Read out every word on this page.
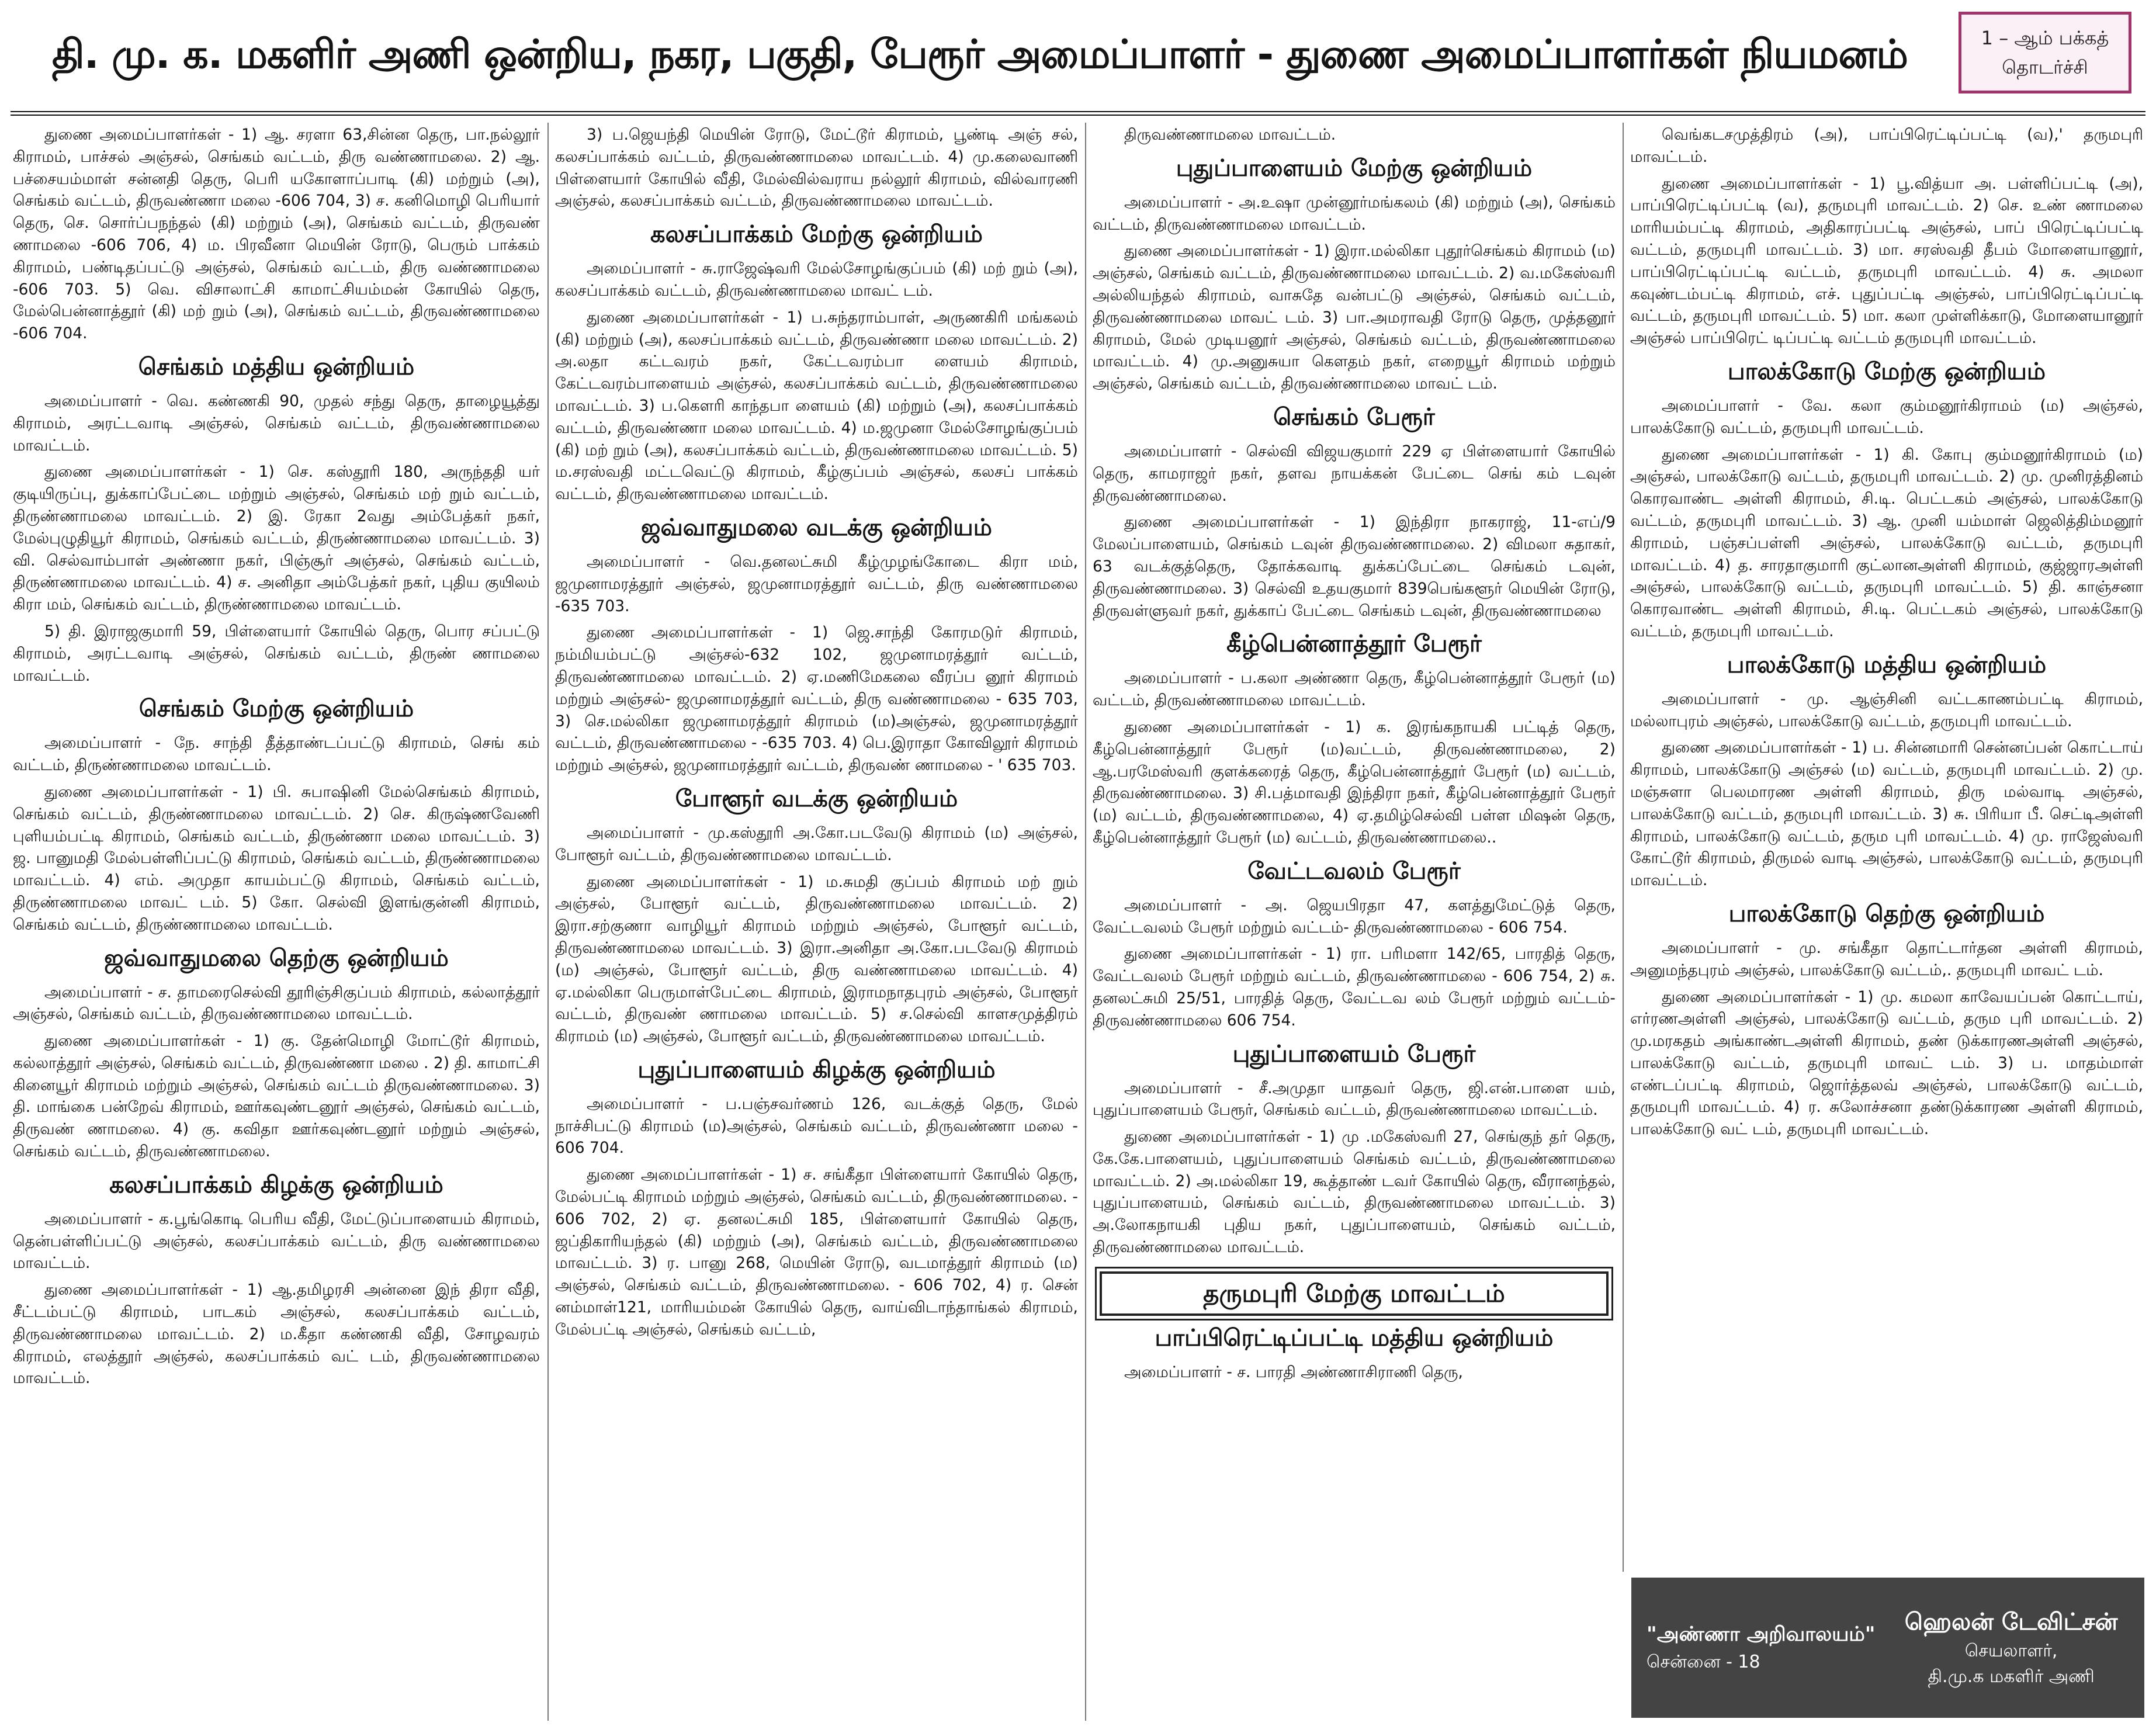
தி. மு. க. மகளிர் அணி ஒன்றிய, நகர, பகுதி, பேரூர் அமைப்பாளர் - துணை அமைப்பாளர்கள் நியமனம்	1 – ஆம் பக்கத்
தொடர்ச்சி

துணை அமைப்பாளர்கள் - 1) ஆ. சரளா 63,சின்ன தெரு, பா.நல்லூர் கிராமம், பாச்சல் அஞ்சல், செங்கம் வட்டம், திரு வண்ணாமலை. 2) ஆ. பச்சையம்மாள் சன்னதி தெரு, பெரி யகோளாப்பாடி (கி) மற்றும் (அ), செங்கம் வட்டம், திருவண்ணா மலை -606 704, 3) ச. கனிமொழி பெரியார் தெரு, செ. சொர்ப்பநந்தல் (கி) மற்றும் (அ), செங்கம் வட்டம், திருவண் ணாமலை -606 706, 4) ம. பிரவீனா மெயின் ரோடு, பெரும் பாக்கம் கிராமம், பண்டிதப்பட்டு அஞ்சல், செங்கம் வட்டம், திரு வண்ணாமலை -606 703. 5) வெ. விசாலாட்சி காமாட்சியம்மன் கோயில் தெரு, மேல்பென்னாத்தூர் (கி) மற் றும் (அ), செங்கம் வட்டம், திருவண்ணாமலை -606 704.

செங்கம் மத்திய ஒன்றியம்

அமைப்பாளர் - வெ. கண்ணகி 90, முதல் சந்து தெரு, தாழையூத்து கிராமம், அரட்டவாடி அஞ்சல், செங்கம் வட்டம், திருவண்ணாமலை மாவட்டம்.

துணை அமைப்பாளர்கள் - 1) செ. கஸ்தூரி 180, அருந்ததி யர் குடியிருப்பு, துக்காப்பேட்டை மற்றும் அஞ்சல், செங்கம் மற் றும் வட்டம், திருண்ணாமலை மாவட்டம். 2) இ. ரேகா 2வது அம்பேத்கர் நகர், மேல்புழுதியூர் கிராமம், செங்கம் வட்டம், திருண்ணாமலை மாவட்டம். 3) வி. செல்வாம்பாள் அண்ணா நகர், பிஞ்சூர் அஞ்சல், செங்கம் வட்டம், திருண்ணாமலை மாவட்டம். 4) ச. அனிதா அம்பேத்கர் நகர், புதிய குயிலம் கிரா மம், செங்கம் வட்டம், திருண்ணாமலை மாவட்டம்.

5) தி. இராஜகுமாரி 59, பிள்ளையார் கோயில் தெரு, பொர சப்பட்டு கிராமம், அரட்டவாடி அஞ்சல், செங்கம் வட்டம், திருண் ணாமலை மாவட்டம்.

செங்கம் மேற்கு ஒன்றியம்

அமைப்பாளர் - நே. சாந்தி தீத்தாண்டப்பட்டு கிராமம், செங் கம் வட்டம், திருண்ணாமலை மாவட்டம்.

துணை அமைப்பாளர்கள் - 1) பி. சுபாஷினி மேல்செங்கம் கிராமம், செங்கம் வட்டம், திருண்ணாமலை மாவட்டம். 2) செ. கிருஷ்ணவேணி புளியம்பட்டி கிராமம், செங்கம் வட்டம், திருண்ணா மலை மாவட்டம். 3) ஜ. பானுமதி மேல்பள்ளிப்பட்டு கிராமம், செங்கம் வட்டம், திருண்ணாமலை மாவட்டம். 4) எம். அமுதா காயம்பட்டு கிராமம், செங்கம் வட்டம், திருண்ணாமலை மாவட் டம். 5) கோ. செல்வி இளங்குன்னி கிராமம், செங்கம் வட்டம், திருண்ணாமலை மாவட்டம்.

ஜவ்வாதுமலை தெற்கு ஒன்றியம்

அமைப்பாளர் - ச. தாமரைசெல்வி தூரிஞ்சிகுப்பம் கிராமம், கல்லாத்தூர் அஞ்சல், செங்கம் வட்டம், திருவண்ணாமலை மாவட்டம்.

துணை அமைப்பாளர்கள் - 1) கு. தேன்மொழி மோட்டூர் கிராமம், கல்லாத்தூர் அஞ்சல், செங்கம் வட்டம், திருவண்ணா மலை . 2) தி. காமாட்சி கினையூர் கிராமம் மற்றும் அஞ்சல், செங்கம் வட்டம் திருவண்ணாமலை. 3) தி. மாங்கை பன்றேவ் கிராமம், ஊர்கவுண்டனூர் அஞ்சல், செங்கம் வட்டம், திருவண் ணாமலை. 4) கு. கவிதா ஊர்கவுண்டனூர் மற்றும் அஞ்சல், செங்கம் வட்டம், திருவண்ணாமலை.

கலசப்பாக்கம் கிழக்கு ஒன்றியம்

அமைப்பாளர் - க.பூங்கொடி பெரிய வீதி, மேட்டுப்பாளையம் கிராமம், தென்பள்ளிப்பட்டு அஞ்சல், கலசப்பாக்கம் வட்டம், திரு வண்ணாமலை மாவட்டம்.

துணை அமைப்பாளர்கள் - 1) ஆ.தமிழரசி அன்னை இந் திரா வீதி, சீட்டம்பட்டு கிராமம், பாடகம் அஞ்சல், கலசப்பாக்கம் வட்டம், திருவண்ணாமலை மாவட்டம். 2) ம.கீதா கண்ணகி வீதி, சோழவரம் கிராமம், எலத்தூர் அஞ்சல், கலசப்பாக்கம் வட் டம், திருவண்ணாமலை மாவட்டம்.

3) ப.ஜெயந்தி மெயின் ரோடு, மேட்டூர் கிராமம், பூண்டி அஞ் சல், கலசப்பாக்கம் வட்டம், திருவண்ணாமலை மாவட்டம். 4) மு.கலைவாணி பிள்ளையார் கோயில் வீதி, மேல்வில்வராய நல்லூர் கிராமம், வில்வாரணி அஞ்சல், கலசப்பாக்கம் வட்டம், திருவண்ணாமலை மாவட்டம்.

கலசப்பாக்கம் மேற்கு ஒன்றியம்

அமைப்பாளர் - சு.ராஜேஷ்வரி மேல்சோழங்குப்பம் (கி) மற் றும் (அ), கலசப்பாக்கம் வட்டம், திருவண்ணாமலை மாவட் டம்.

துணை அமைப்பாளர்கள் - 1) ப.சுந்தராம்பாள், அருணகிரி மங்கலம் (கி) மற்றும் (அ), கலசப்பாக்கம் வட்டம், திருவண்ணா மலை மாவட்டம். 2) அ.லதா கட்டவரம் நகர், கேட்டவரம்பா ளையம் கிராமம், கேட்டவரம்பாளையம் அஞ்சல், கலசப்பாக்கம் வட்டம், திருவண்ணாமலை மாவட்டம். 3) ப.கௌரி காந்தபா ளையம் (கி) மற்றும் (அ), கலசப்பாக்கம் வட்டம், திருவண்ணா மலை மாவட்டம். 4) ம.ஜமுனா மேல்சோழங்குப்பம் (கி) மற் றும் (அ), கலசப்பாக்கம் வட்டம், திருவண்ணாமலை மாவட்டம். 5) ம.சரஸ்வதி மட்டவெட்டு கிராமம், கீழ்குப்பம் அஞ்சல், கலசப் பாக்கம் வட்டம், திருவண்ணாமலை மாவட்டம்.

ஜவ்வாதுமலை வடக்கு ஒன்றியம்

அமைப்பாளர் - வெ.தனலட்சுமி கீழ்முழங்கோடை கிரா மம், ஜமுனாமரத்தூர் அஞ்சல், ஜமுனாமரத்தூர் வட்டம், திரு வண்ணாமலை -635 703.

துணை அமைப்பாளர்கள் - 1) ஜெ.சாந்தி கோரமடுர் கிராமம், நம்மியம்பட்டு அஞ்சல்-632 102, ஜமுனாமரத்தூர் வட்டம், திருவண்ணாமலை மாவட்டம். 2) ஏ.மணிமேகலை வீரப்ப னூர் கிராமம் மற்றும் அஞ்சல்- ஜமுனாமரத்தூர் வட்டம், திரு வண்ணாமலை - 635 703, 3) செ.மல்லிகா ஜமுனாமரத்தூர் கிராமம் (ம)அஞ்சல், ஜமுனாமரத்தூர் வட்டம், திருவண்ணாமலை - -635 703. 4) பெ.இராதா கோவிலூர் கிராமம் மற்றும் அஞ்சல், ஜமுனாமரத்தூர் வட்டம், திருவண் ணாமலை - ' 635 703.

போளூர் வடக்கு ஒன்றியம்

அமைப்பாளர் - மு.கஸ்தூரி அ.கோ.படவேடு கிராமம் (ம) அஞ்சல், போளூர் வட்டம், திருவண்ணாமலை மாவட்டம்.

துணை அமைப்பாளர்கள் - 1) ம.சுமதி குப்பம் கிராமம் மற் றும் அஞ்சல், போளூர் வட்டம், திருவண்ணாமலை மாவட்டம். 2) இரா.சற்குணா வாழியூர் கிராமம் மற்றும் அஞ்சல், போளூர் வட்டம், திருவண்ணாமலை மாவட்டம். 3) இரா.அனிதா அ.கோ.படவேடு கிராமம் (ம) அஞ்சல், போளூர் வட்டம், திரு வண்ணாமலை மாவட்டம். 4) ஏ.மல்லிகா பெருமாள்பேட்டை கிராமம், இராமநாதபுரம் அஞ்சல், போளூர் வட்டம், திருவண் ணாமலை மாவட்டம். 5) ச.செல்வி காளசமுத்திரம் கிராமம் (ம) அஞ்சல், போளூர் வட்டம், திருவண்ணாமலை மாவட்டம்.

புதுப்பாளையம் கிழக்கு ஒன்றியம்

அமைப்பாளர் - ப.பஞ்சவர்ணம் 126, வடக்குத் தெரு, மேல் நாச்சிபட்டு கிராமம் (ம)அஞ்சல், செங்கம் வட்டம், திருவண்ணா மலை - 606 704.

துணை அமைப்பாளர்கள் - 1) ச. சங்கீதா பிள்ளையார் கோயில் தெரு, மேல்பட்டி கிராமம் மற்றும் அஞ்சல், செங்கம் வட்டம், திருவண்ணாமலை. - 606 702, 2) ஏ. தனலட்சுமி 185, பிள்ளையார் கோயில் தெரு, ஜப்திகாரியந்தல் (கி) மற்றும் (அ), செங்கம் வட்டம், திருவண்ணாமலை மாவட்டம். 3) ர. பானு 268, மெயின் ரோடு, வடமாத்தூர் கிராமம் (ம) அஞ்சல், செங்கம் வட்டம், திருவண்ணாமலை. - 606 702, 4) ர. சென் னம்மாள்121, மாரியம்மன் கோயில் தெரு, வாய்விடாந்தாங்கல் கிராமம், மேல்பட்டி அஞ்சல், செங்கம் வட்டம்,

திருவண்ணாமலை மாவட்டம்.

புதுப்பாளையம் மேற்கு ஒன்றியம்

அமைப்பாளர் - அ.உஷா முன்னூர்மங்கலம் (கி) மற்றும் (அ), செங்கம் வட்டம், திருவண்ணாமலை மாவட்டம்.

துணை அமைப்பாளர்கள் - 1) இரா.மல்லிகா புதூர்செங்கம் கிராமம் (ம) அஞ்சல், செங்கம் வட்டம், திருவண்ணாமலை மாவட்டம். 2) வ.மகேஸ்வரி அல்லியந்தல் கிராமம், வாசுதே வன்பட்டு அஞ்சல், செங்கம் வட்டம், திருவண்ணாமலை மாவட் டம். 3) பா.அமராவதி ரோடு தெரு, முத்தனூர் கிராமம், மேல் முடியனூர் அஞ்சல், செங்கம் வட்டம், திருவண்ணாமலை மாவட்டம். 4) மு.அனுசுயா கௌதம் நகர், எறையூர் கிராமம் மற்றும் அஞ்சல், செங்கம் வட்டம், திருவண்ணாமலை மாவட் டம்.

செங்கம் பேரூர்

அமைப்பாளர் - செல்வி விஜயகுமார் 229 ஏ பிள்ளையார் கோயில் தெரு, காமராஜர் நகர், தளவ நாயக்கன் பேட்டை செங் கம் டவுன் திருவண்ணாமலை.

துணை அமைப்பாளர்கள் - 1) இந்திரா நாகராஜ், 11-எப்/9 மேலப்பாளையம், செங்கம் டவுன் திருவண்ணாமலை. 2) விமலா சுதாகர், 63 வடக்குத்தெரு, தோக்கவாடி துக்கப்பேட்டை செங்கம் டவுன், திருவண்ணாமலை. 3) செல்வி உதயகுமார் 839பெங்களூர் மெயின் ரோடு, திருவள்ளுவர் நகர், துக்காப் பேட்டை செங்கம் டவுன், திருவண்ணாமலை

கீழ்பென்னாத்தூர் பேரூர்

அமைப்பாளர் - ப.கலா அண்ணா தெரு, கீழ்பென்னாத்தூர் பேரூர் (ம) வட்டம், திருவண்ணாமலை மாவட்டம்.

துணை அமைப்பாளர்கள் - 1) க. இரங்கநாயகி பட்டித் தெரு, கீழ்பென்னாத்தூர் பேரூர் (ம)வட்டம், திருவண்ணாமலை, 2) ஆ.பரமேஸ்வரி குளக்கரைத் தெரு, கீழ்பென்னாத்தூர் பேரூர் (ம) வட்டம், திருவண்ணாமலை. 3) சி.பத்மாவதி இந்திரா நகர், கீழ்பென்னாத்தூர் பேரூர் (ம) வட்டம், திருவண்ணாமலை, 4) ஏ.தமிழ்செல்வி பள்ள மிஷன் தெரு, கீழ்பென்னாத்தூர் பேரூர் (ம) வட்டம், திருவண்ணாமலை..

வேட்டவலம் பேரூர்

அமைப்பாளர் - அ. ஜெயபிரதா 47, களத்துமேட்டுத் தெரு, வேட்டவலம் பேரூர் மற்றும் வட்டம்- திருவண்ணாமலை - 606 754.

துணை அமைப்பாளர்கள் - 1) ரா. பரிமளா 142/65, பாரதித் தெரு, வேட்டவலம் பேரூர் மற்றும் வட்டம், திருவண்ணாமலை - 606 754, 2) சு. தனலட்சுமி 25/51, பாரதித் தெரு, வேட்டவ லம் பேரூர் மற்றும் வட்டம்- திருவண்ணாமலை 606 754.

புதுப்பாளையம் பேரூர்

அமைப்பாளர் - சீ.அமுதா யாதவர் தெரு, ஜி.என்.பாளை யம், புதுப்பாளையம் பேரூர், செங்கம் வட்டம், திருவண்ணாமலை மாவட்டம்.

துணை அமைப்பாளர்கள் - 1) மு .மகேஸ்வரி 27, செங்குந் தர் தெரு, கே.கே.பாளையம், புதுப்பாளையம் செங்கம் வட்டம், திருவண்ணாமலை மாவட்டம். 2) அ.மல்லிகா 19, கூத்தாண் டவர் கோயில் தெரு, வீரானந்தல், புதுப்பாளையம், செங்கம் வட்டம், திருவண்ணாமலை மாவட்டம். 3) அ.லோகநாயகி புதிய நகர், புதுப்பாளையம், செங்கம் வட்டம், திருவண்ணாமலை மாவட்டம்.

தருமபுரி மேற்கு மாவட்டம்
பாப்பிரெட்டிப்பட்டி மத்திய ஒன்றியம்

அமைப்பாளர் - ச. பாரதி அண்ணாசிராணி தெரு,

வெங்கடசமுத்திரம் (அ), பாப்பிரெட்டிப்பட்டி (வ),' தருமபுரி மாவட்டம்.

துணை அமைப்பாளர்கள் - 1) பூ.வித்யா அ. பள்ளிப்பட்டி (அ), பாப்பிரெட்டிப்பட்டி (வ), தருமபுரி மாவட்டம். 2) செ. உண் ணாமலை மாரியம்பட்டி கிராமம், அதிகாரப்பட்டி அஞ்சல், பாப் பிரெட்டிப்பட்டி வட்டம், தருமபுரி மாவட்டம். 3) மா. சரஸ்வதி தீபம் மோளையானூர், பாப்பிரெட்டிப்பட்டி வட்டம், தருமபுரி மாவட்டம். 4) சு. அமலா கவுண்டம்பட்டி கிராமம், எச். புதுப்பட்டி அஞ்சல், பாப்பிரெட்டிப்பட்டி வட்டம், தருமபுரி மாவட்டம். 5) மா. கலா முள்ளிக்காடு, மோளையானூர் அஞ்சல் பாப்பிரெட் டிப்பட்டி வட்டம் தருமபுரி மாவட்டம்.

பாலக்கோடு மேற்கு ஒன்றியம்

அமைப்பாளர் - வே. கலா கும்மனூர்கிராமம் (ம) அஞ்சல், பாலக்கோடு வட்டம், தருமபுரி மாவட்டம்.

துணை அமைப்பாளர்கள் - 1) கி. கோபு கும்மனூர்கிராமம் (ம) அஞ்சல், பாலக்கோடு வட்டம், தருமபுரி மாவட்டம். 2) மு. முனிரத்தினம் கொரவாண்ட அள்ளி கிராமம், சி.டி. பெட்டகம் அஞ்சல், பாலக்கோடு வட்டம், தருமபுரி மாவட்டம். 3) ஆ. முனி யம்மாள் ஜெலித்திம்மனூர் கிராமம், பஞ்சப்பள்ளி அஞ்சல், பாலக்கோடு வட்டம், தருமபுரி மாவட்டம். 4) த. சாரதாகுமாரி குட்லானஅள்ளி கிராமம், குஜ்ஜாரஅள்ளி அஞ்சல், பாலக்கோடு வட்டம், தருமபுரி மாவட்டம். 5) தி. காஞ்சனா கொரவாண்ட அள்ளி கிராமம், சி.டி. பெட்டகம் அஞ்சல், பாலக்கோடு வட்டம், தருமபுரி மாவட்டம்.

பாலக்கோடு மத்திய ஒன்றியம்

அமைப்பாளர் - மு. ஆஞ்சினி வட்டகாணம்பட்டி கிராமம், மல்லாபுரம் அஞ்சல், பாலக்கோடு வட்டம், தருமபுரி மாவட்டம்.

துணை அமைப்பாளர்கள் - 1) ப. சின்னமாரி சென்னப்பன் கொட்டாய் கிராமம், பாலக்கோடு அஞ்சல் (ம) வட்டம், தருமபுரி மாவட்டம். 2) மு. மஞ்சுளா பெலமாரண அள்ளி கிராமம், திரு மல்வாடி அஞ்சல், பாலக்கோடு வட்டம், தருமபுரி மாவட்டம். 3) சு. பிரியா பீ. செட்டிஅள்ளி கிராமம், பாலக்கோடு வட்டம், தரும புரி மாவட்டம். 4) மு. ராஜேஸ்வரி கோட்டூர் கிராமம், திருமல் வாடி அஞ்சல், பாலக்கோடு வட்டம், தருமபுரி மாவட்டம்.

பாலக்கோடு தெற்கு ஒன்றியம்

அமைப்பாளர் - மு. சங்கீதா தொட்டார்தன அள்ளி கிராமம், அனுமந்தபுரம் அஞ்சல், பாலக்கோடு வட்டம்,. தருமபுரி மாவட் டம்.

துணை அமைப்பாளர்கள் - 1) மு. கமலா காவேயப்பன் கொட்டாய், எர்ரணஅள்ளி அஞ்சல், பாலக்கோடு வட்டம், தரும புரி மாவட்டம். 2) மு.மரகதம் அங்காண்டஅள்ளி கிராமம், தண் டுக்காரணஅள்ளி அஞ்சல், பாலக்கோடு வட்டம், தருமபுரி மாவட் டம். 3) ப. மாதம்மாள் எண்டப்பட்டி கிராமம், ஜொர்த்தலவ் அஞ்சல், பாலக்கோடு வட்டம், தருமபுரி மாவட்டம். 4) ர. சுலோச்சனா தண்டுக்காரண அள்ளி கிராமம், பாலக்கோடு வட் டம், தருமபுரி மாவட்டம்.

"அண்ணா அறிவாலயம்"
சென்னை - 18
ஹெலன் டேவிட்சன்
செயலாளர்,
தி.மு.க மகளிர் அணி
